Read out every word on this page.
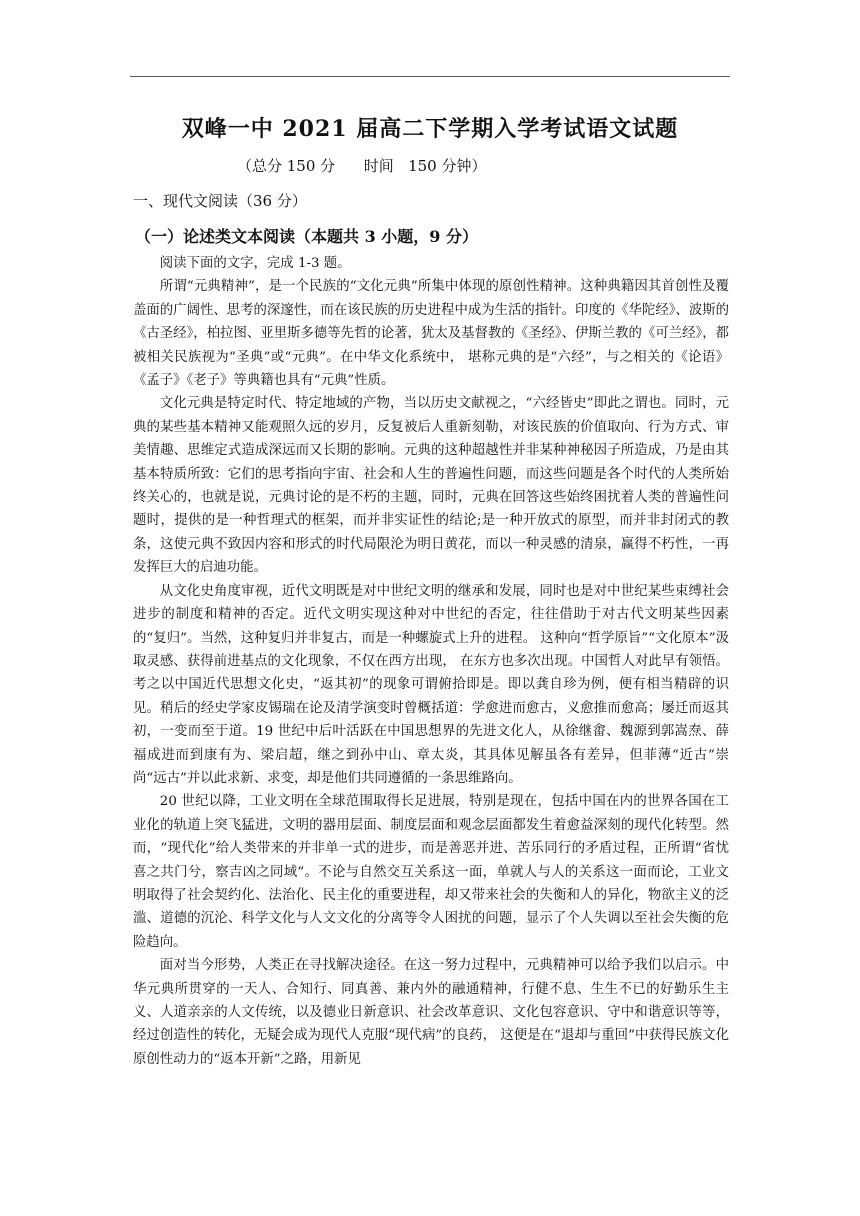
双峰一中 2021 届高二下学期入学考试语文试题
（总分 150 分      时间   150 分钟）
一、现代文阅读（36 分）
（一）论述类文本阅读（本题共 3 小题，9 分）

阅读下面的文字，完成 1-3 题。

所谓“元典精神”，是一个民族的“文化元典”所集中体现的原创性精神。这种典籍因其首创性及覆盖面的广阔性、思考的深邃性，而在该民族的历史进程中成为生活的指针。印度的《华陀经》、波斯的《古圣经》，柏拉图、亚里斯多德等先哲的论著，犹太及基督教的《圣经》、伊斯兰教的《可兰经》，都被相关民族视为“圣典”或“元典”。在中华文化系统中， 堪称元典的是“六经”，与之相关的《论语》《孟子》《老子》等典籍也具有“元典”性质。

文化元典是特定时代、特定地域的产物，当以历史文献视之，“六经皆史”即此之谓也。同时，元典的某些基本精神又能观照久远的岁月，反复被后人重新刻勒，对该民族的价值取向、行为方式、审美情趣、思维定式造成深远而又长期的影响。元典的这种超越性并非某种神秘因子所造成，乃是由其基本特质所致：它们的思考指向宇宙、社会和人生的普遍性问题，而这些问题是各个时代的人类所始终关心的，也就是说，元典讨论的是不朽的主题，同时，元典在回答这些始终困扰着人类的普遍性问题时，提供的是一种哲理式的框架，而并非实证性的结论;是一种开放式的原型，而并非封闭式的教条，这使元典不致因内容和形式的时代局限沦为明日黄花，而以一种灵感的清泉，赢得不朽性，一再发挥巨大的启迪功能。

从文化史角度审视，近代文明既是对中世纪文明的继承和发展，同时也是对中世纪某些束缚社会进步的制度和精神的否定。近代文明实现这种对中世纪的否定，往往借助于对古代文明某些因素的“复归”。当然，这种复归并非复古，而是一种螺旋式上升的进程。 这种向“哲学原旨”“文化原本”汲取灵感、获得前进基点的文化现象，不仅在西方出现， 在东方也多次出现。中国哲人对此早有领悟。考之以中国近代思想文化史，“返其初”的现象可谓俯拾即是。即以龚自珍为例，便有相当精辟的识见。稍后的经史学家皮锡瑞在论及清学演变时曾概括道：学愈进而愈古，义愈推而愈高；屡迁而返其初，一变而至于道。19 世纪中后叶活跃在中国思想界的先进文化人，从徐继畬、魏源到郭嵩焘、薛福成进而到康有为、梁启超，继之到孙中山、章太炎，其具体见解虽各有差异，但菲薄“近古”崇尚“远古”并以此求新、求变，却是他们共同遵循的一条思维路向。

20 世纪以降，工业文明在全球范围取得长足进展，特别是现在，包括中国在内的世界各国在工业化的轨道上突飞猛进，文明的器用层面、制度层面和观念层面都发生着愈益深刻的现代化转型。然而，“现代化”给人类带来的并非单一式的进步，而是善恶并进、苦乐同行的矛盾过程，正所谓“省忧喜之共门兮，察吉凶之同域”。不论与自然交互关系这一面，单就人与人的关系这一面而论，工业文明取得了社会契约化、法治化、民主化的重要进程，却又带来社会的失衡和人的异化，物欲主义的泛滥、道德的沉沦、科学文化与人文文化的分离等令人困扰的问题，显示了个人失调以至社会失衡的危险趋向。

面对当今形势，人类正在寻找解决途径。在这一努力过程中，元典精神可以给予我们以启示。中华元典所贯穿的一天人、合知行、同真善、兼内外的融通精神，行健不息、生生不已的好勤乐生主义、人道亲亲的人文传统，以及德业日新意识、社会改革意识、文化包容意识、守中和谐意识等等，经过创造性的转化，无疑会成为现代人克服“现代病”的良药， 这便是在“退却与重回”中获得民族文化原创性动力的“返本开新”之路，用新见
